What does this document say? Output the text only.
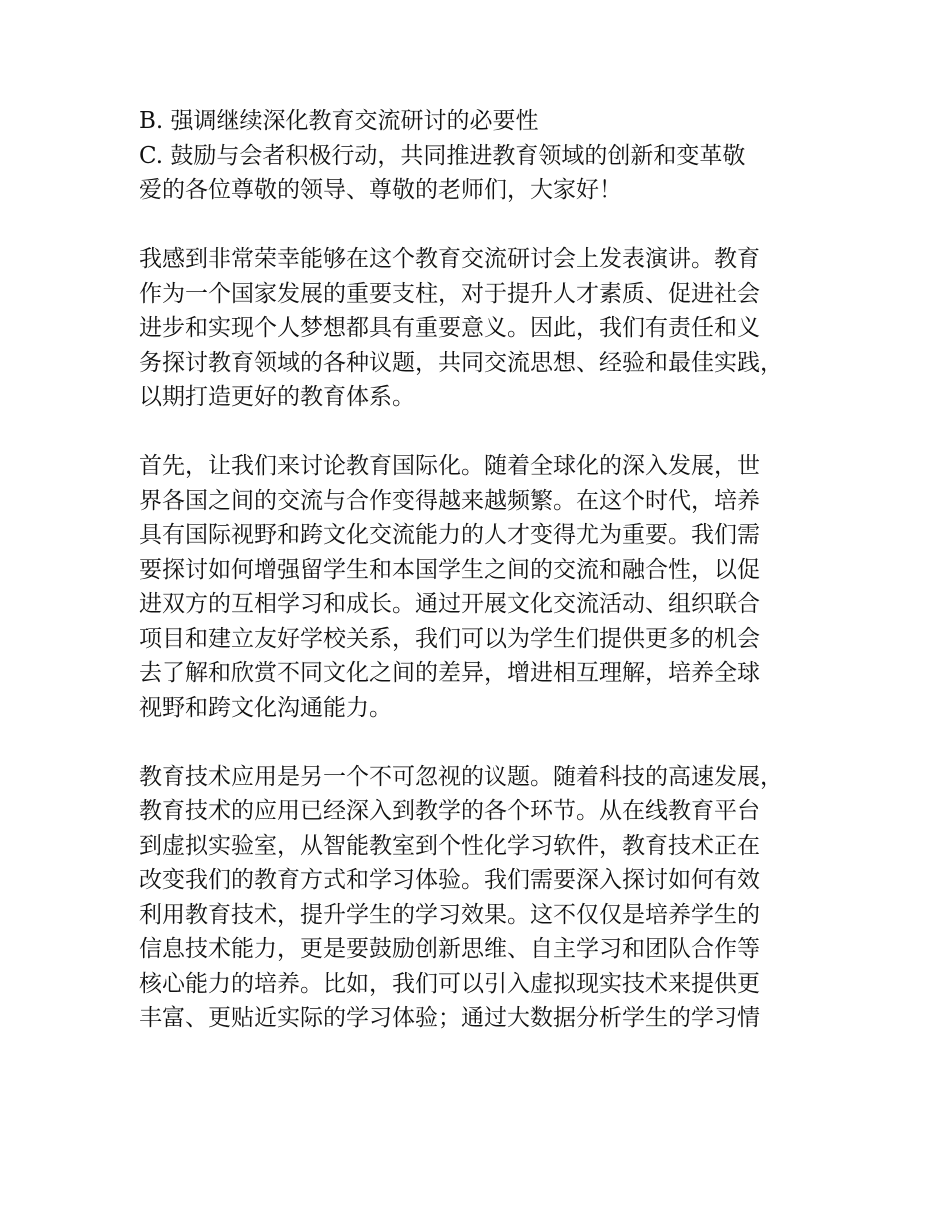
B. 强调继续深化教育交流研讨的必要性
C. 鼓励与会者积极行动，共同推进教育领域的创新和变革敬
爱的各位尊敬的领导、尊敬的老师们，大家好！
我感到非常荣幸能够在这个教育交流研讨会上发表演讲。教育
作为一个国家发展的重要支柱，对于提升人才素质、促进社会
进步和实现个人梦想都具有重要意义。因此，我们有责任和义
务探讨教育领域的各种议题，共同交流思想、经验和最佳实践，
以期打造更好的教育体系。
首先，让我们来讨论教育国际化。随着全球化的深入发展，世
界各国之间的交流与合作变得越来越频繁。在这个时代，培养
具有国际视野和跨文化交流能力的人才变得尤为重要。我们需
要探讨如何增强留学生和本国学生之间的交流和融合性，以促
进双方的互相学习和成长。通过开展文化交流活动、组织联合
项目和建立友好学校关系，我们可以为学生们提供更多的机会
去了解和欣赏不同文化之间的差异，增进相互理解，培养全球
视野和跨文化沟通能力。
教育技术应用是另一个不可忽视的议题。随着科技的高速发展，
教育技术的应用已经深入到教学的各个环节。从在线教育平台
到虚拟实验室，从智能教室到个性化学习软件，教育技术正在
改变我们的教育方式和学习体验。我们需要深入探讨如何有效
利用教育技术，提升学生的学习效果。这不仅仅是培养学生的
信息技术能力，更是要鼓励创新思维、自主学习和团队合作等
核心能力的培养。比如，我们可以引入虚拟现实技术来提供更
丰富、更贴近实际的学习体验；通过大数据分析学生的学习情
